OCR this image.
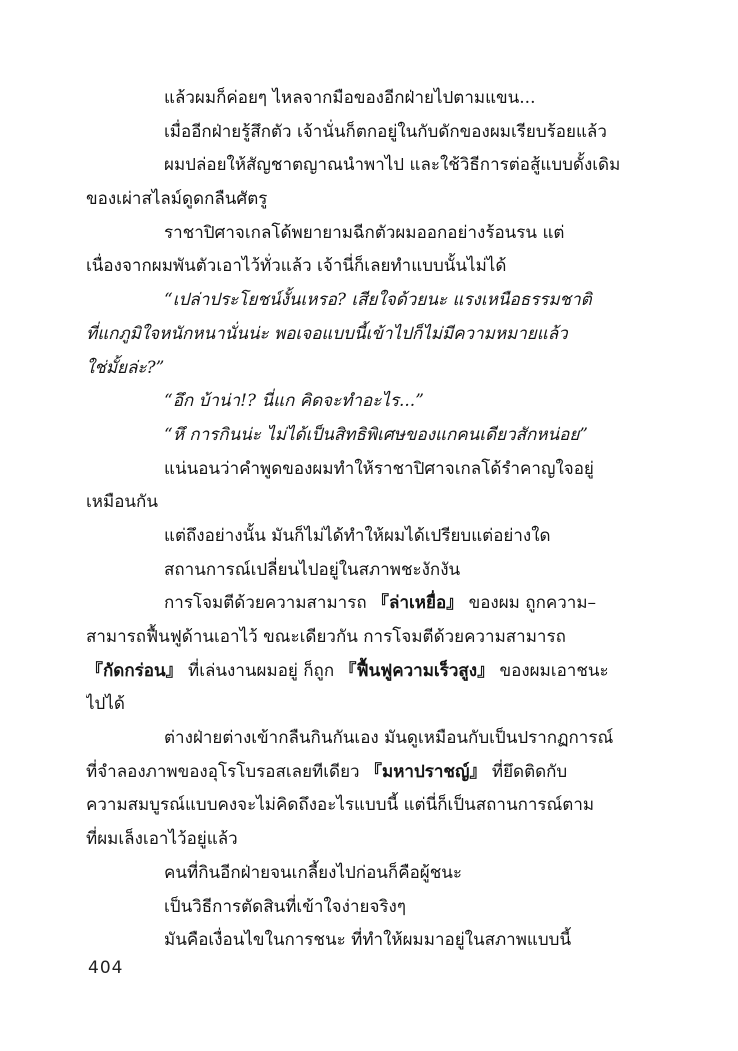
แล้วผมก็ค่อยๆ ไหลจากมือของอีกฝ่ายไปตามแขน...
เมื่ออีกฝ่ายรู้สึกตัว เจ้านั่นก็ตกอยู่ในกับดักของผมเรียบร้อยแล้ว
ผมปล่อยให้สัญชาตญาณนำพาไป และใช้วิธีการต่อสู้แบบดั้งเดิม
ของเผ่าสไลม์ดูดกลืนศัตรู
ราชาปิศาจเกลโด้พยายามฉีกตัวผมออกอย่างร้อนรน แต่
เนื่องจากผมพันตัวเอาไว้ทั่วแล้ว เจ้านี่ก็เลยทำแบบนั้นไม่ได้
“เปล่าประโยชน์งั้นเหรอ? เสียใจด้วยนะ แรงเหนือธรรมชาติ
ที่แกภูมิใจหนักหนานั่นน่ะ พอเจอแบบนี้เข้าไปก็ไม่มีความหมายแล้ว
ใช่มั้ยล่ะ?”
“อึก บ้าน่า!? นี่แก คิดจะทำอะไร...”
“หึ การกินน่ะ ไม่ได้เป็นสิทธิพิเศษของแกคนเดียวสักหน่อย”
แน่นอนว่าคำพูดของผมทำให้ราชาปิศาจเกลโด้รำคาญใจอยู่
เหมือนกัน
แต่ถึงอย่างนั้น มันก็ไม่ได้ทำให้ผมได้เปรียบแต่อย่างใด
สถานการณ์เปลี่ยนไปอยู่ในสภาพชะงักงัน
การโจมตีด้วยความสามารถ 『ล่าเหยื่อ』 ของผม ถูกความ–
สามารถฟื้นฟูด้านเอาไว้ ขณะเดียวกัน การโจมตีด้วยความสามารถ
『กัดกร่อน』 ที่เล่นงานผมอยู่ ก็ถูก 『ฟื้นฟูความเร็วสูง』 ของผมเอาชนะ
ไปได้
ต่างฝ่ายต่างเข้ากลืนกินกันเอง มันดูเหมือนกับเป็นปรากฏการณ์
ที่จำลองภาพของอุโรโบรอสเลยทีเดียว 『มหาปราชญ์』 ที่ยึดติดกับ
ความสมบูรณ์แบบคงจะไม่คิดถึงอะไรแบบนี้ แต่นี่ก็เป็นสถานการณ์ตาม
ที่ผมเล็งเอาไว้อยู่แล้ว
คนที่กินอีกฝ่ายจนเกลี้ยงไปก่อนก็คือผู้ชนะ
เป็นวิธีการตัดสินที่เข้าใจง่ายจริงๆ
มันคือเงื่อนไขในการชนะ ที่ทำให้ผมมาอยู่ในสภาพแบบนี้
404
